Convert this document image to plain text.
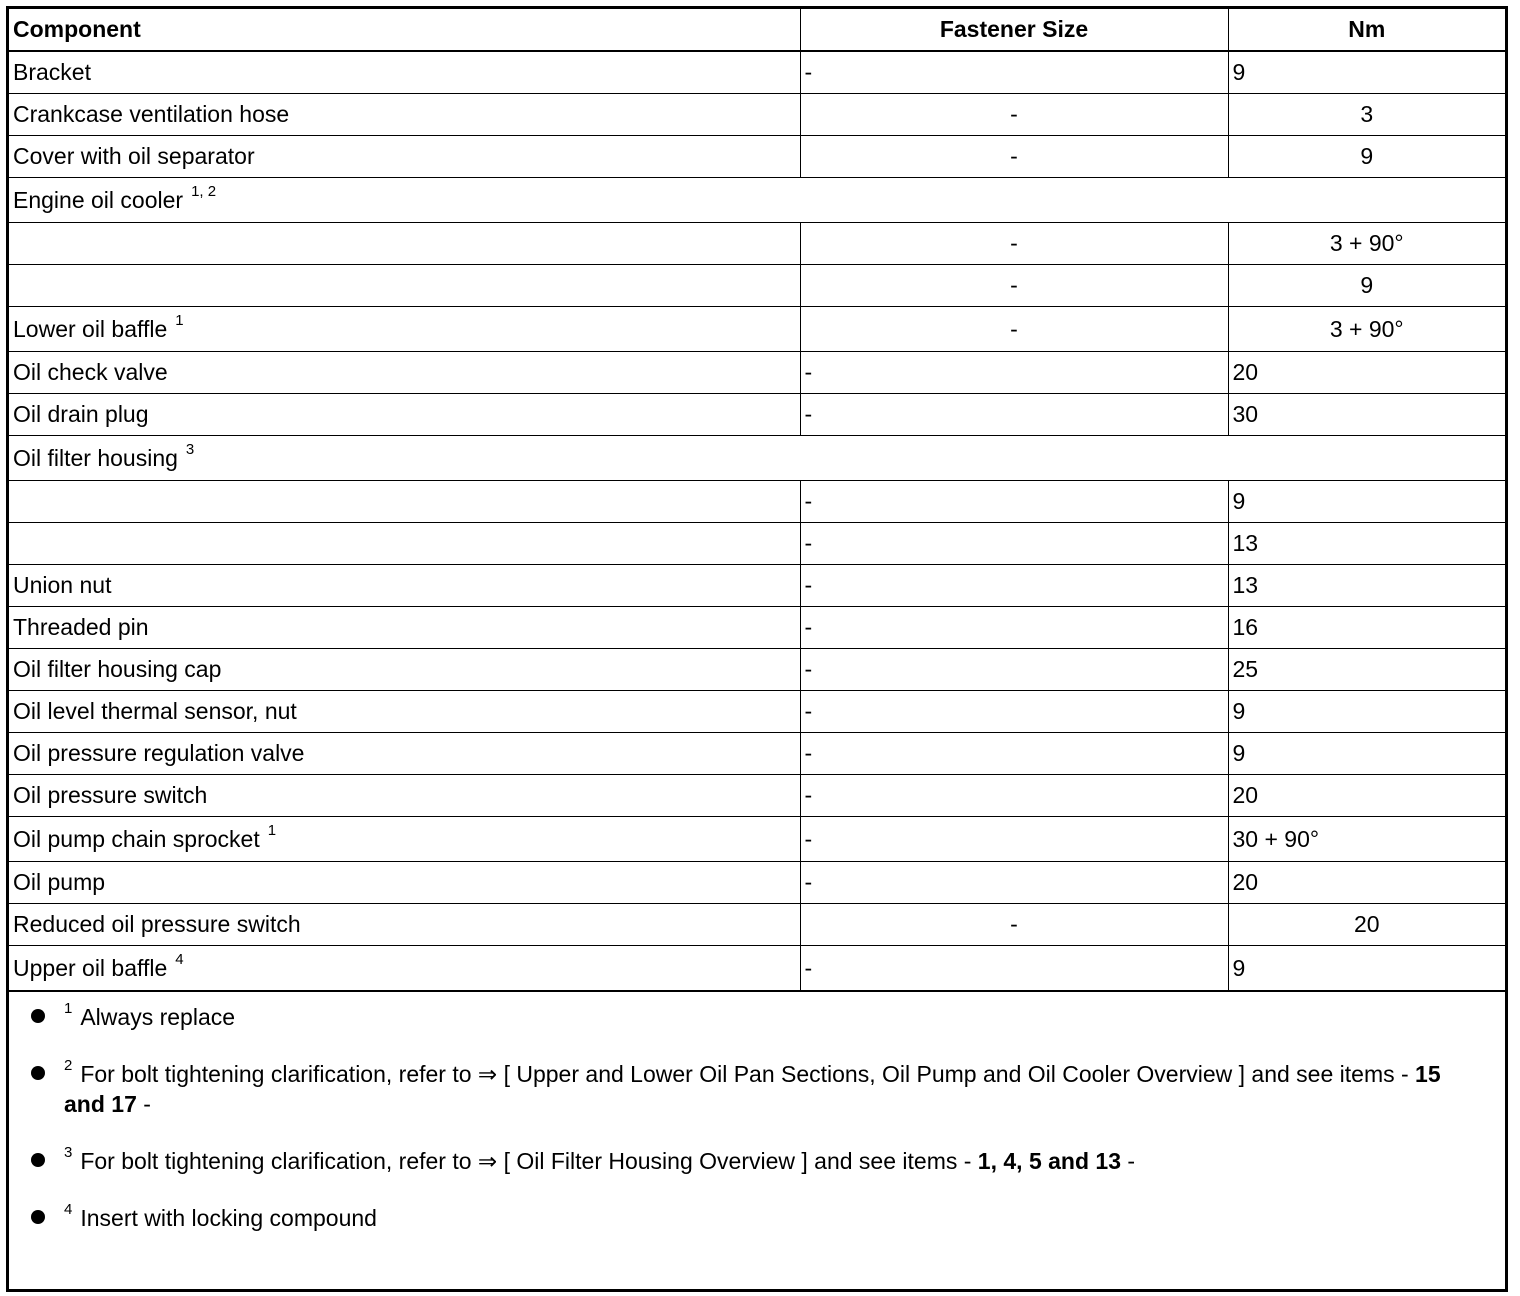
Component	Fastener Size	Nm
Bracket	-	9
Crankcase ventilation hose	-	3
Cover with oil separator	-	9
Engine oil cooler $^{1, 2}$
	-	3 + 90°
	-	9
Lower oil baffle $^1$	-	3 + 90°
Oil check valve	-	20
Oil drain plug	-	30
Oil filter housing $^3$
	-	9
	-	13
Union nut	-	13
Threaded pin	-	16
Oil filter housing cap	-	25
Oil level thermal sensor, nut	-	9
Oil pressure regulation valve	-	9
Oil pressure switch	-	20
Oil pump chain sprocket $^1$	-	30 + 90°
Oil pump	-	20
Reduced oil pressure switch	-	20
Upper oil baffle $^4$	-	9
$^1$ Always replace
$^2$ For bolt tightening clarification, refer to ⇒ [ Upper and Lower Oil Pan Sections, Oil Pump and Oil Cooler Overview ] and see items - 15 and 17 -
$^3$ For bolt tightening clarification, refer to ⇒ [ Oil Filter Housing Overview ] and see items - 1, 4, 5 and 13 -
$^4$ Insert with locking compound
